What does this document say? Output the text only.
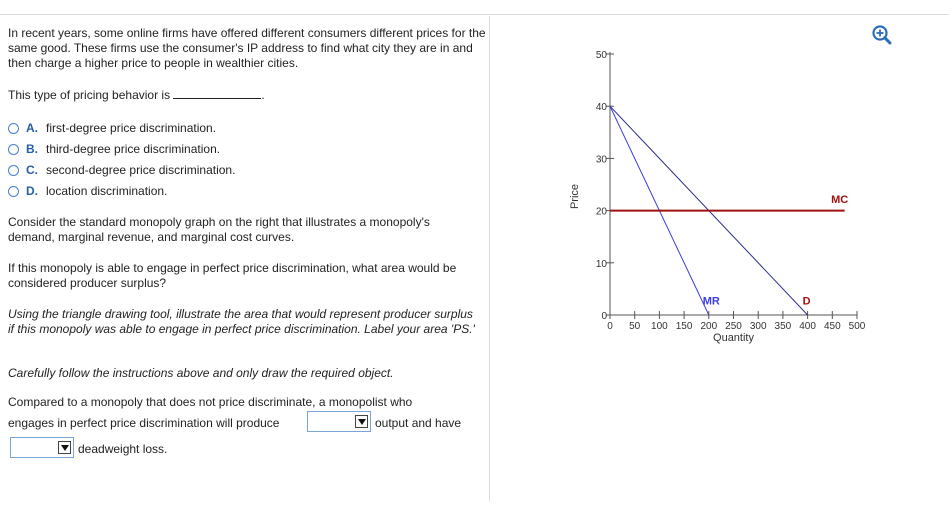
In recent years, some online firms have offered different consumers different prices for the same good. These firms use the consumer's IP address to find what city they are in and then charge a higher price to people in wealthier cities.

This type of pricing behavior is	.

A. first-degree price discrimination.
B. third-degree price discrimination.
C. second-degree price discrimination.
D. location discrimination.

Consider the standard monopoly graph on the right that illustrates a monopoly's demand, marginal revenue, and marginal cost curves.

If this monopoly is able to engage in perfect price discrimination, what area would be considered producer surplus?

Using the triangle drawing tool, illustrate the area that would represent producer surplus if this monopoly was able to engage in perfect price discrimination. Label your area 'PS.'

Carefully follow the instructions above and only draw the required object.

Compared to a monopoly that does not price discriminate, a monopolist who

engages in perfect price discrimination will produce	output and have

deadweight loss.

Price
Quantity
0
10
20
30
40
50
0 50 100 150 200 250 300 350 400 450 500
MC
MR	D
